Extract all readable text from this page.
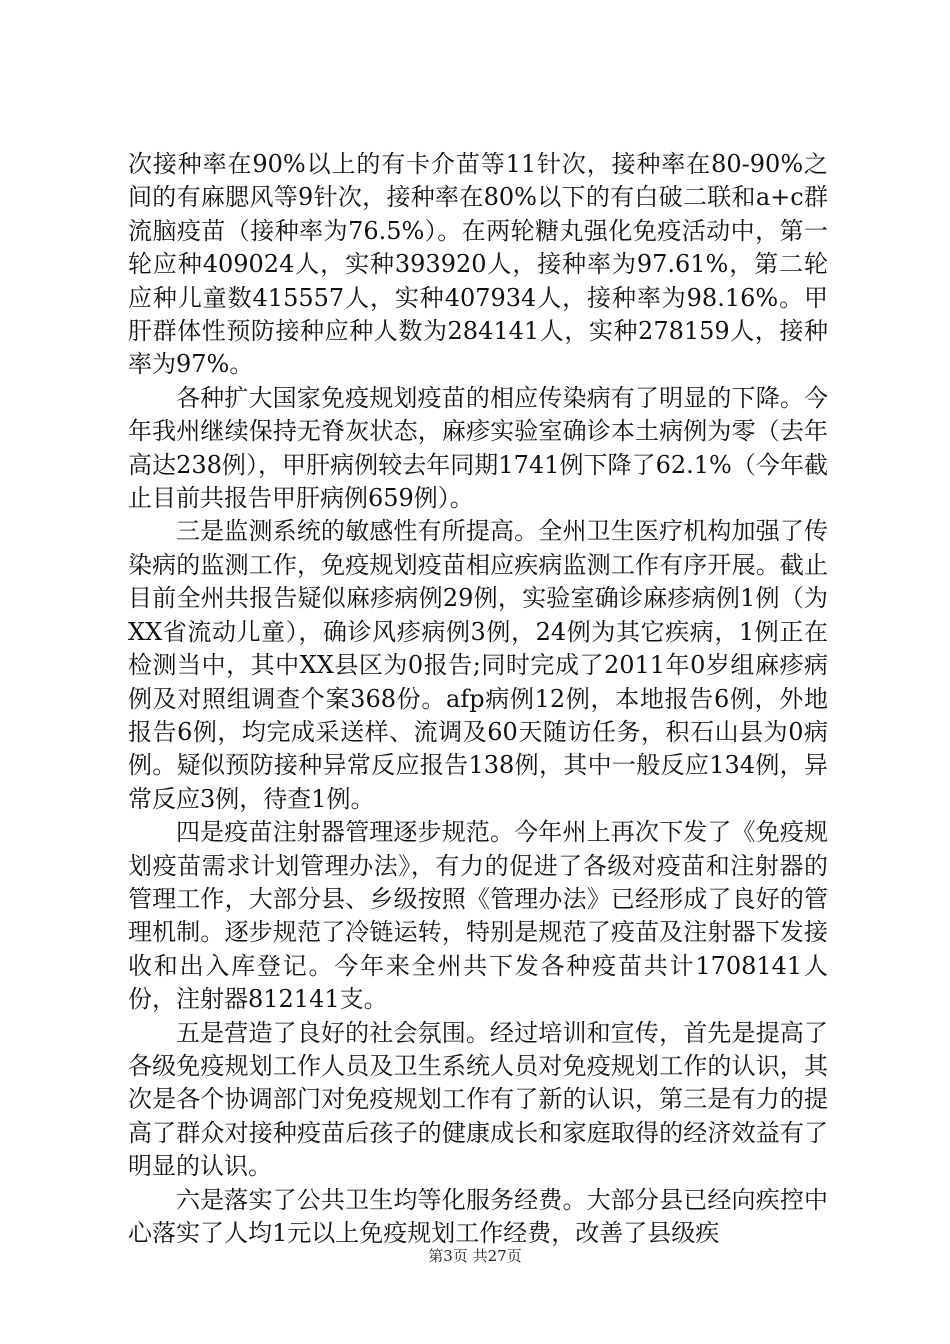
次接种率在90%以上的有卡介苗等11针次，接种率在80-90%之间的有麻腮风等9针次，接种率在80%以下的有白破二联和a+c群流脑疫苗（接种率为76.5%）。在两轮糖丸强化免疫活动中，第一轮应种409024人，实种393920人，接种率为97.61%，第二轮应种儿童数415557人，实种407934人，接种率为98.16%。甲肝群体性预防接种应种人数为284141人，实种278159人，接种率为97%。

各种扩大国家免疫规划疫苗的相应传染病有了明显的下降。今年我州继续保持无脊灰状态，麻疹实验室确诊本土病例为零（去年高达238例），甲肝病例较去年同期1741例下降了62.1%（今年截止目前共报告甲肝病例659例）。

三是监测系统的敏感性有所提高。全州卫生医疗机构加强了传染病的监测工作，免疫规划疫苗相应疾病监测工作有序开展。截止目前全州共报告疑似麻疹病例29例，实验室确诊麻疹病例1例（为XX省流动儿童），确诊风疹病例3例，24例为其它疾病，1例正在检测当中，其中XX县区为0报告;同时完成了2011年0岁组麻疹病例及对照组调查个案368份。afp病例12例，本地报告6例，外地报告6例，均完成采送样、流调及60天随访任务，积石山县为0病例。疑似预防接种异常反应报告138例，其中一般反应134例，异常反应3例，待查1例。

四是疫苗注射器管理逐步规范。今年州上再次下发了《免疫规划疫苗需求计划管理办法》，有力的促进了各级对疫苗和注射器的管理工作，大部分县、乡级按照《管理办法》已经形成了良好的管理机制。逐步规范了冷链运转，特别是规范了疫苗及注射器下发接收和出入库登记。今年来全州共下发各种疫苗共计1708141人份，注射器812141支。

五是营造了良好的社会氛围。经过培训和宣传，首先是提高了各级免疫规划工作人员及卫生系统人员对免疫规划工作的认识，其次是各个协调部门对免疫规划工作有了新的认识，第三是有力的提高了群众对接种疫苗后孩子的健康成长和家庭取得的经济效益有了明显的认识。

六是落实了公共卫生均等化服务经费。大部分县已经向疾控中心落实了人均1元以上免疫规划工作经费，改善了县级疾

第3页 共27页
